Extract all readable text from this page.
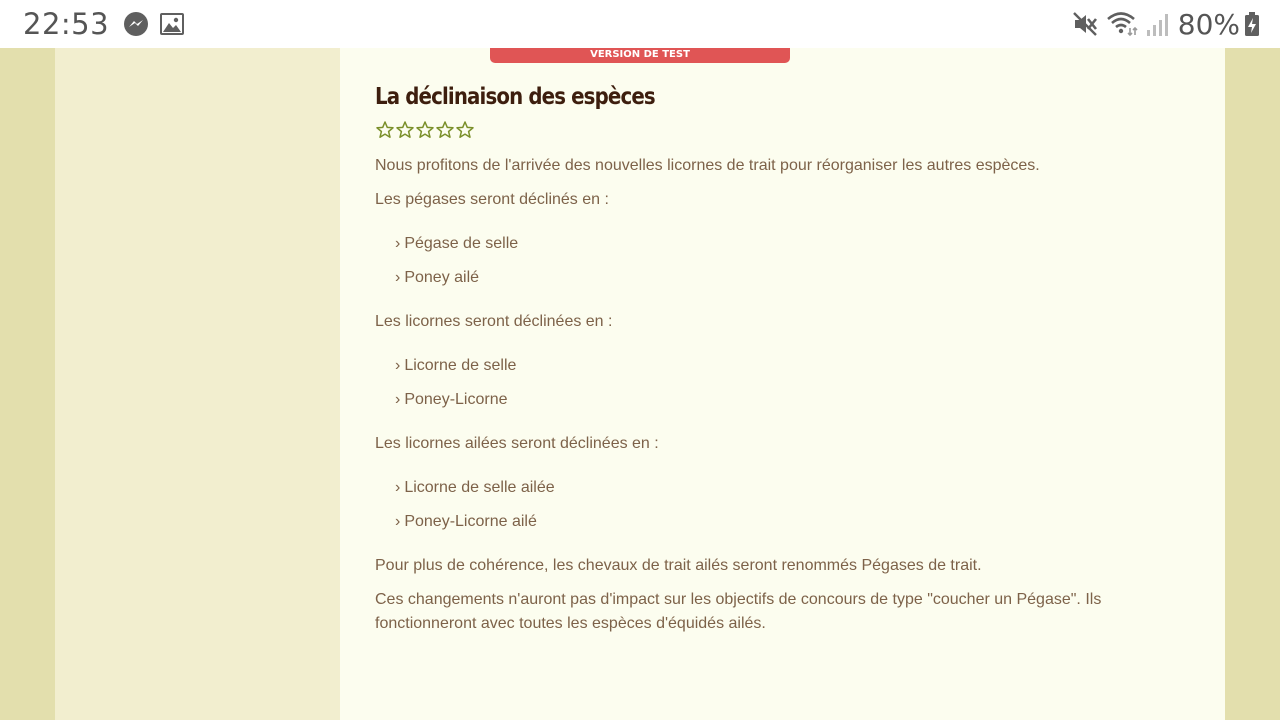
22:53	80%
VERSION DE TEST
La déclinaison des espèces

Nous profitons de l'arrivée des nouvelles licornes de trait pour réorganiser les autres espèces.

Les pégases seront déclinés en :

› Pégase de selle
› Poney ailé

Les licornes seront déclinées en :

› Licorne de selle
› Poney-Licorne

Les licornes ailées seront déclinées en :

› Licorne de selle ailée
› Poney-Licorne ailé

Pour plus de cohérence, les chevaux de trait ailés seront renommés Pégases de trait.

Ces changements n'auront pas d'impact sur les objectifs de concours de type "coucher un Pégase". Ils fonctionneront avec toutes les espèces d'équidés ailés.
